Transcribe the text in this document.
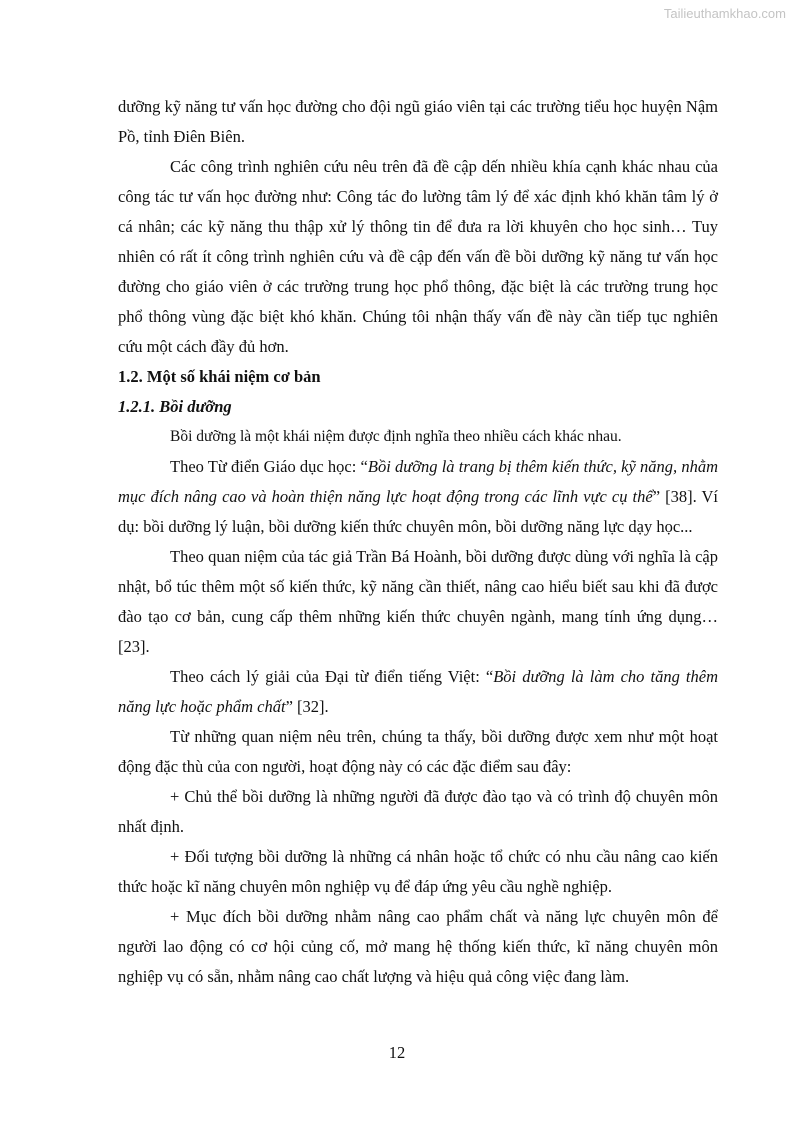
Tailieuthamkhao.com

dưỡng kỹ năng tư vấn học đường cho đội ngũ giáo viên tại các trường tiểu học huyện Nậm Pồ, tỉnh Điên Biên.

Các công trình nghiên cứu nêu trên đã đề cập dến nhiều khía cạnh khác nhau của công tác tư vấn học đường như: Công tác đo lường tâm lý để xác định khó khăn tâm lý ở cá nhân; các kỹ năng thu thập xử lý thông tin để đưa ra lời khuyên cho học sinh… Tuy nhiên có rất ít công trình nghiên cứu và đề cập đến vấn đề bồi dưỡng kỹ năng tư vấn học đường cho giáo viên ở các trường trung học phổ thông, đặc biệt là các trường trung học phổ thông vùng đặc biệt khó khăn. Chúng tôi nhận thấy vấn đề này cần tiếp tục nghiên cứu một cách đầy đủ hơn.

1.2. Một số khái niệm cơ bản

1.2.1. Bồi dưỡng

Bồi dưỡng là một khái niệm được định nghĩa theo nhiều cách khác nhau.

Theo Từ điển Giáo dục học: “Bồi dưỡng là trang bị thêm kiến thức, kỹ năng, nhằm mục đích nâng cao và hoàn thiện năng lực hoạt động trong các lĩnh vực cụ thể” [38]. Ví dụ: bồi dưỡng lý luận, bồi dưỡng kiến thức chuyên môn, bồi dưỡng năng lực dạy học...

Theo quan niệm của tác giả Trần Bá Hoành, bồi dưỡng được dùng với nghĩa là cập nhật, bổ túc thêm một số kiến thức, kỹ năng cần thiết, nâng cao hiểu biết sau khi đã được đào tạo cơ bản, cung cấp thêm những kiến thức chuyên ngành, mang tính ứng dụng… [23].

Theo cách lý giải của Đại từ điển tiếng Việt: “Bồi dưỡng là làm cho tăng thêm năng lực hoặc phẩm chất” [32].

Từ những quan niệm nêu trên, chúng ta thấy, bồi dưỡng được xem như một hoạt động đặc thù của con người, hoạt động này có các đặc điểm sau đây:

+ Chủ thể bồi dưỡng là những người đã được đào tạo và có trình độ chuyên môn nhất định.

+ Đối tượng bồi dưỡng là những cá nhân hoặc tổ chức có nhu cầu nâng cao kiến thức hoặc kĩ năng chuyên môn nghiệp vụ để đáp ứng yêu cầu nghề nghiệp.

+ Mục đích bồi dưỡng nhằm nâng cao phẩm chất và năng lực chuyên môn để người lao động có cơ hội củng cố, mở mang hệ thống kiến thức, kĩ năng chuyên môn nghiệp vụ có sẵn, nhằm nâng cao chất lượng và hiệu quả công việc đang làm.

12
